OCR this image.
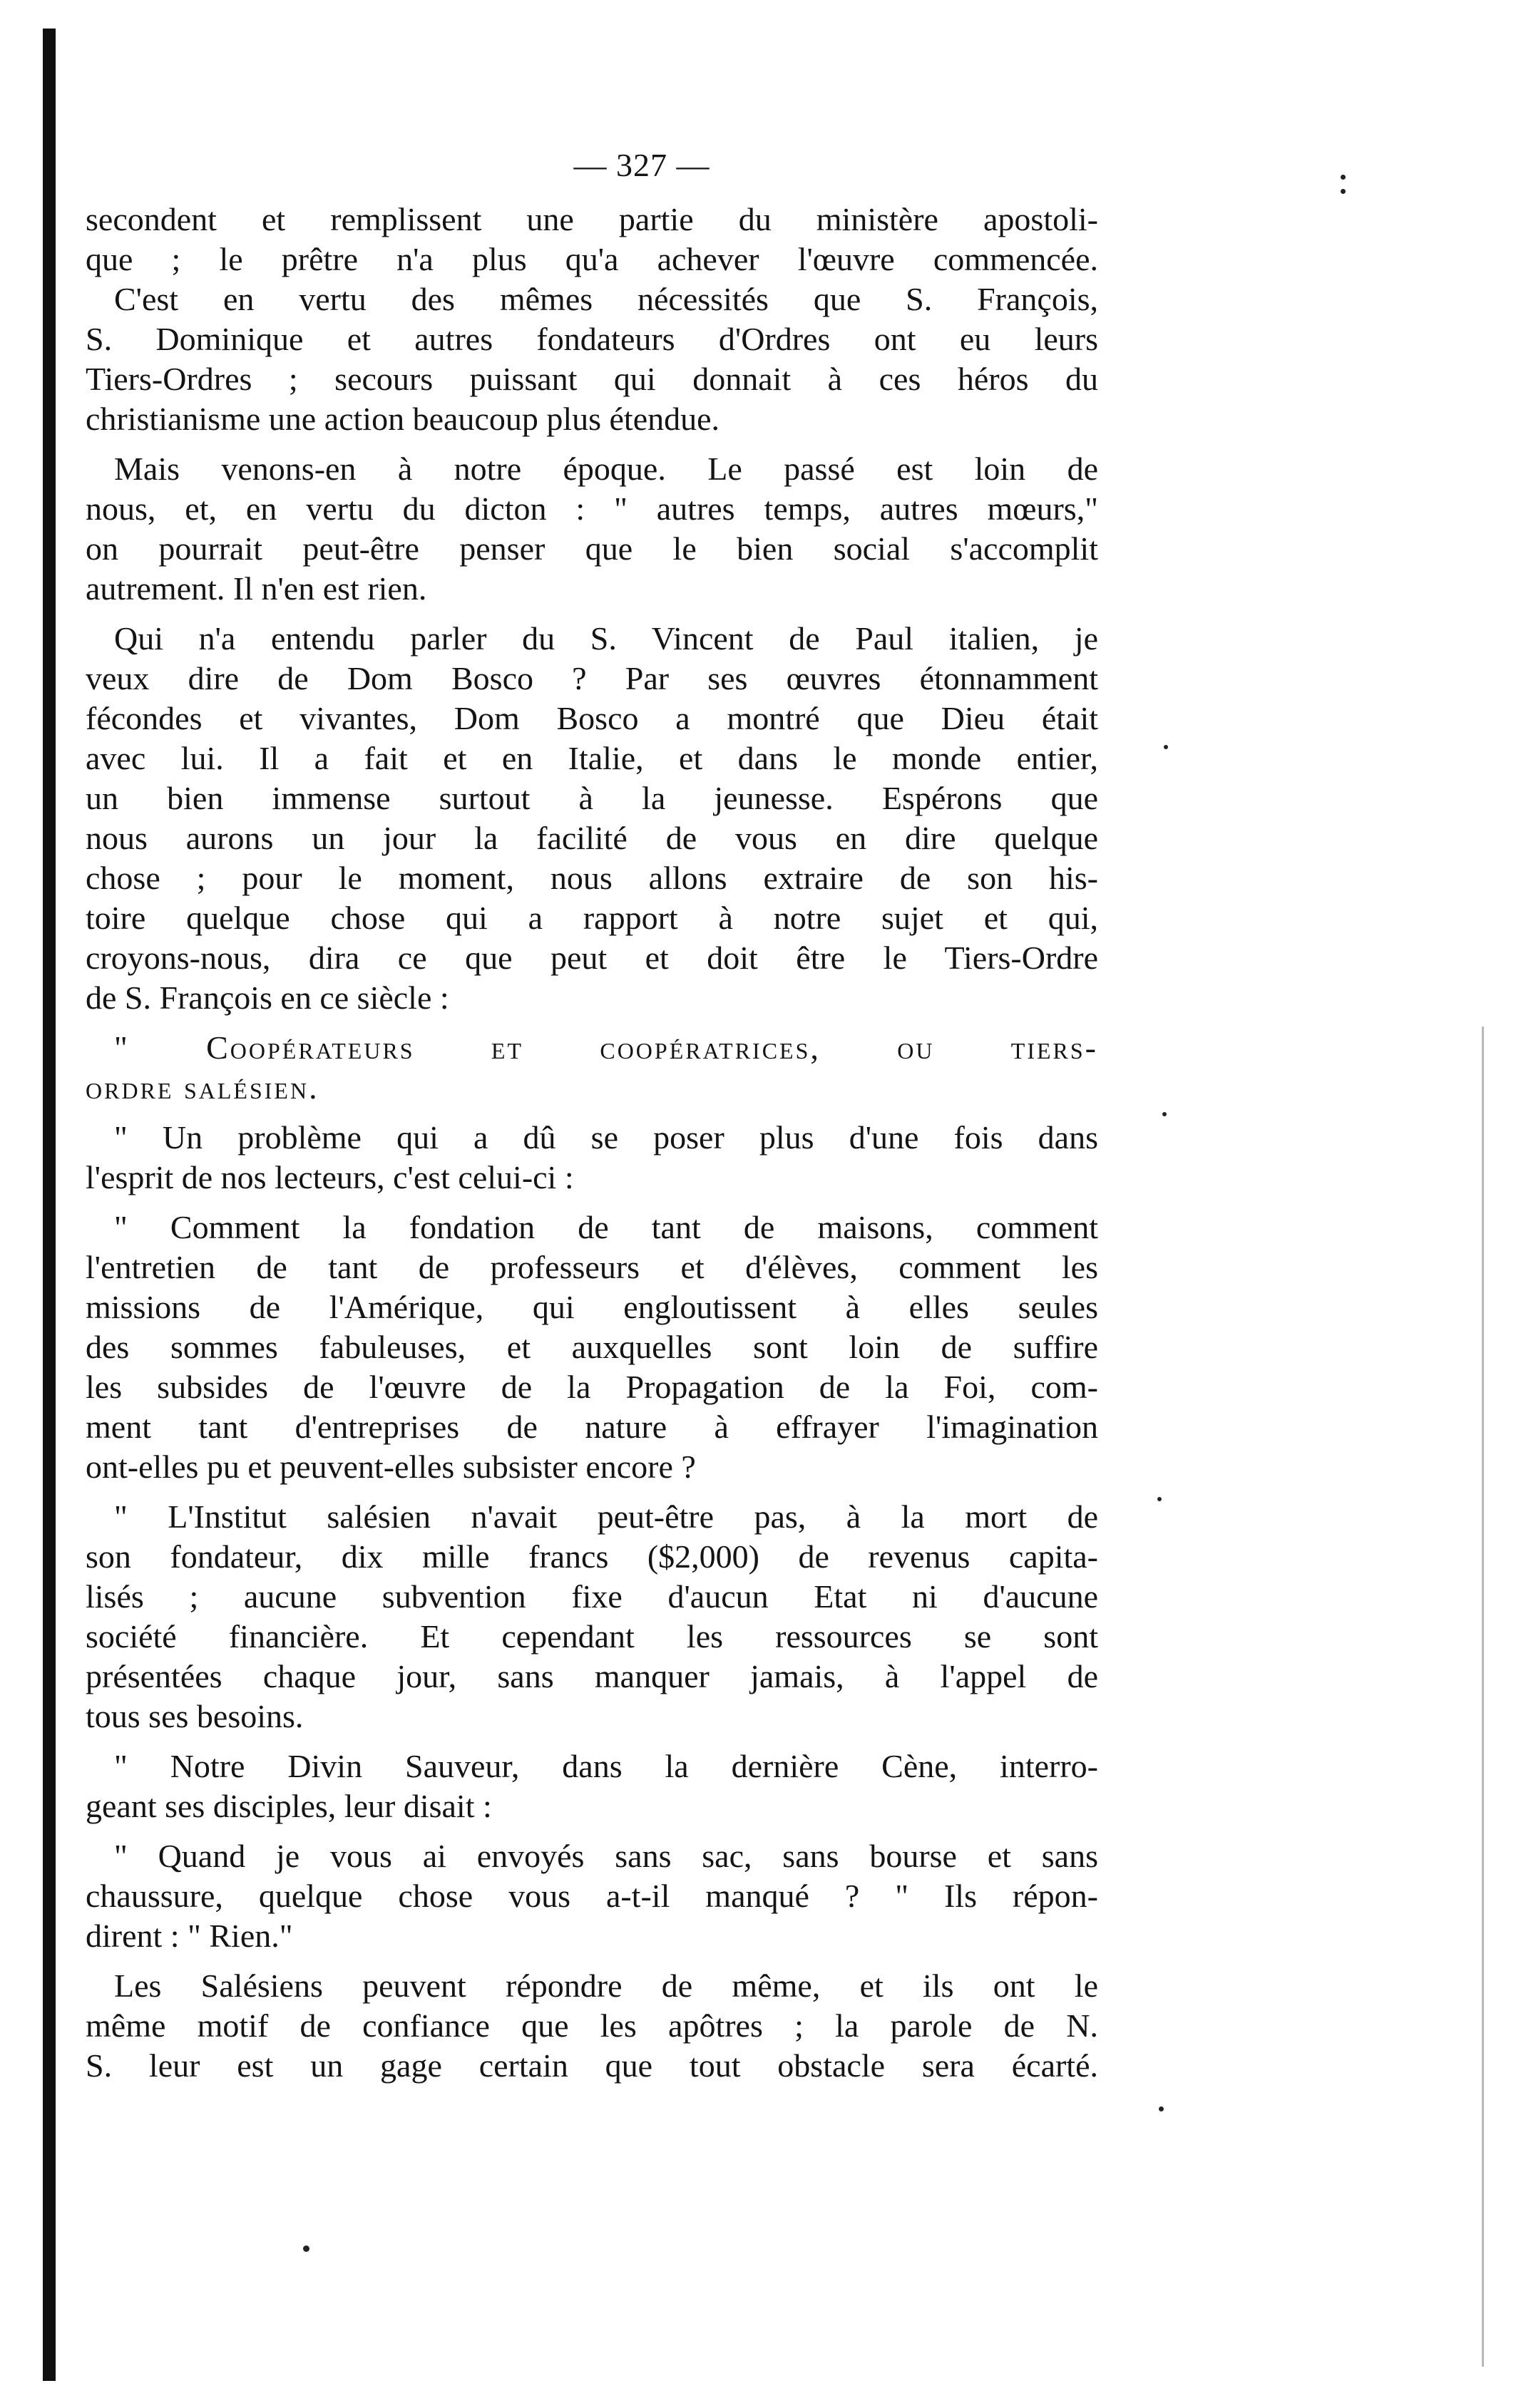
— 327 —
secondent et remplissent une partie du ministère apostoli-
que ; le prêtre n'a plus qu'a achever l'œuvre commencée.
C'est en vertu des mêmes nécessités que S. François,
S. Dominique et autres fondateurs d'Ordres ont eu leurs
Tiers-Ordres ; secours puissant qui donnait à ces héros du
christianisme une action beaucoup plus étendue.
Mais venons-en à notre époque. Le passé est loin de
nous, et, en vertu du dicton : " autres temps, autres mœurs,"
on pourrait peut-être penser que le bien social s'accomplit
autrement. Il n'en est rien.
Qui n'a entendu parler du S. Vincent de Paul italien, je
veux dire de Dom Bosco ? Par ses œuvres étonnamment
fécondes et vivantes, Dom Bosco a montré que Dieu était
avec lui. Il a fait et en Italie, et dans le monde entier,
un bien immense surtout à la jeunesse. Espérons que
nous aurons un jour la facilité de vous en dire quelque
chose ; pour le moment, nous allons extraire de son his-
toire quelque chose qui a rapport à notre sujet et qui,
croyons-nous, dira ce que peut et doit être le Tiers-Ordre
de S. François en ce siècle :
" Coopérateurs et coopératrices, ou tiers-
ordre salésien.
" Un problème qui a dû se poser plus d'une fois dans
l'esprit de nos lecteurs, c'est celui-ci :
" Comment la fondation de tant de maisons, comment
l'entretien de tant de professeurs et d'élèves, comment les
missions de l'Amérique, qui engloutissent à elles seules
des sommes fabuleuses, et auxquelles sont loin de suffire
les subsides de l'œuvre de la Propagation de la Foi, com-
ment tant d'entreprises de nature à effrayer l'imagination
ont-elles pu et peuvent-elles subsister encore ?
" L'Institut salésien n'avait peut-être pas, à la mort de
son fondateur, dix mille francs ($2,000) de revenus capita-
lisés ; aucune subvention fixe d'aucun Etat ni d'aucune
société financière. Et cependant les ressources se sont
présentées chaque jour, sans manquer jamais, à l'appel de
tous ses besoins.
" Notre Divin Sauveur, dans la dernière Cène, interro-
geant ses disciples, leur disait :
" Quand je vous ai envoyés sans sac, sans bourse et sans
chaussure, quelque chose vous a-t-il manqué ? " Ils répon-
dirent : " Rien."
Les Salésiens peuvent répondre de même, et ils ont le
même motif de confiance que les apôtres ; la parole de N.
S. leur est un gage certain que tout obstacle sera écarté.
